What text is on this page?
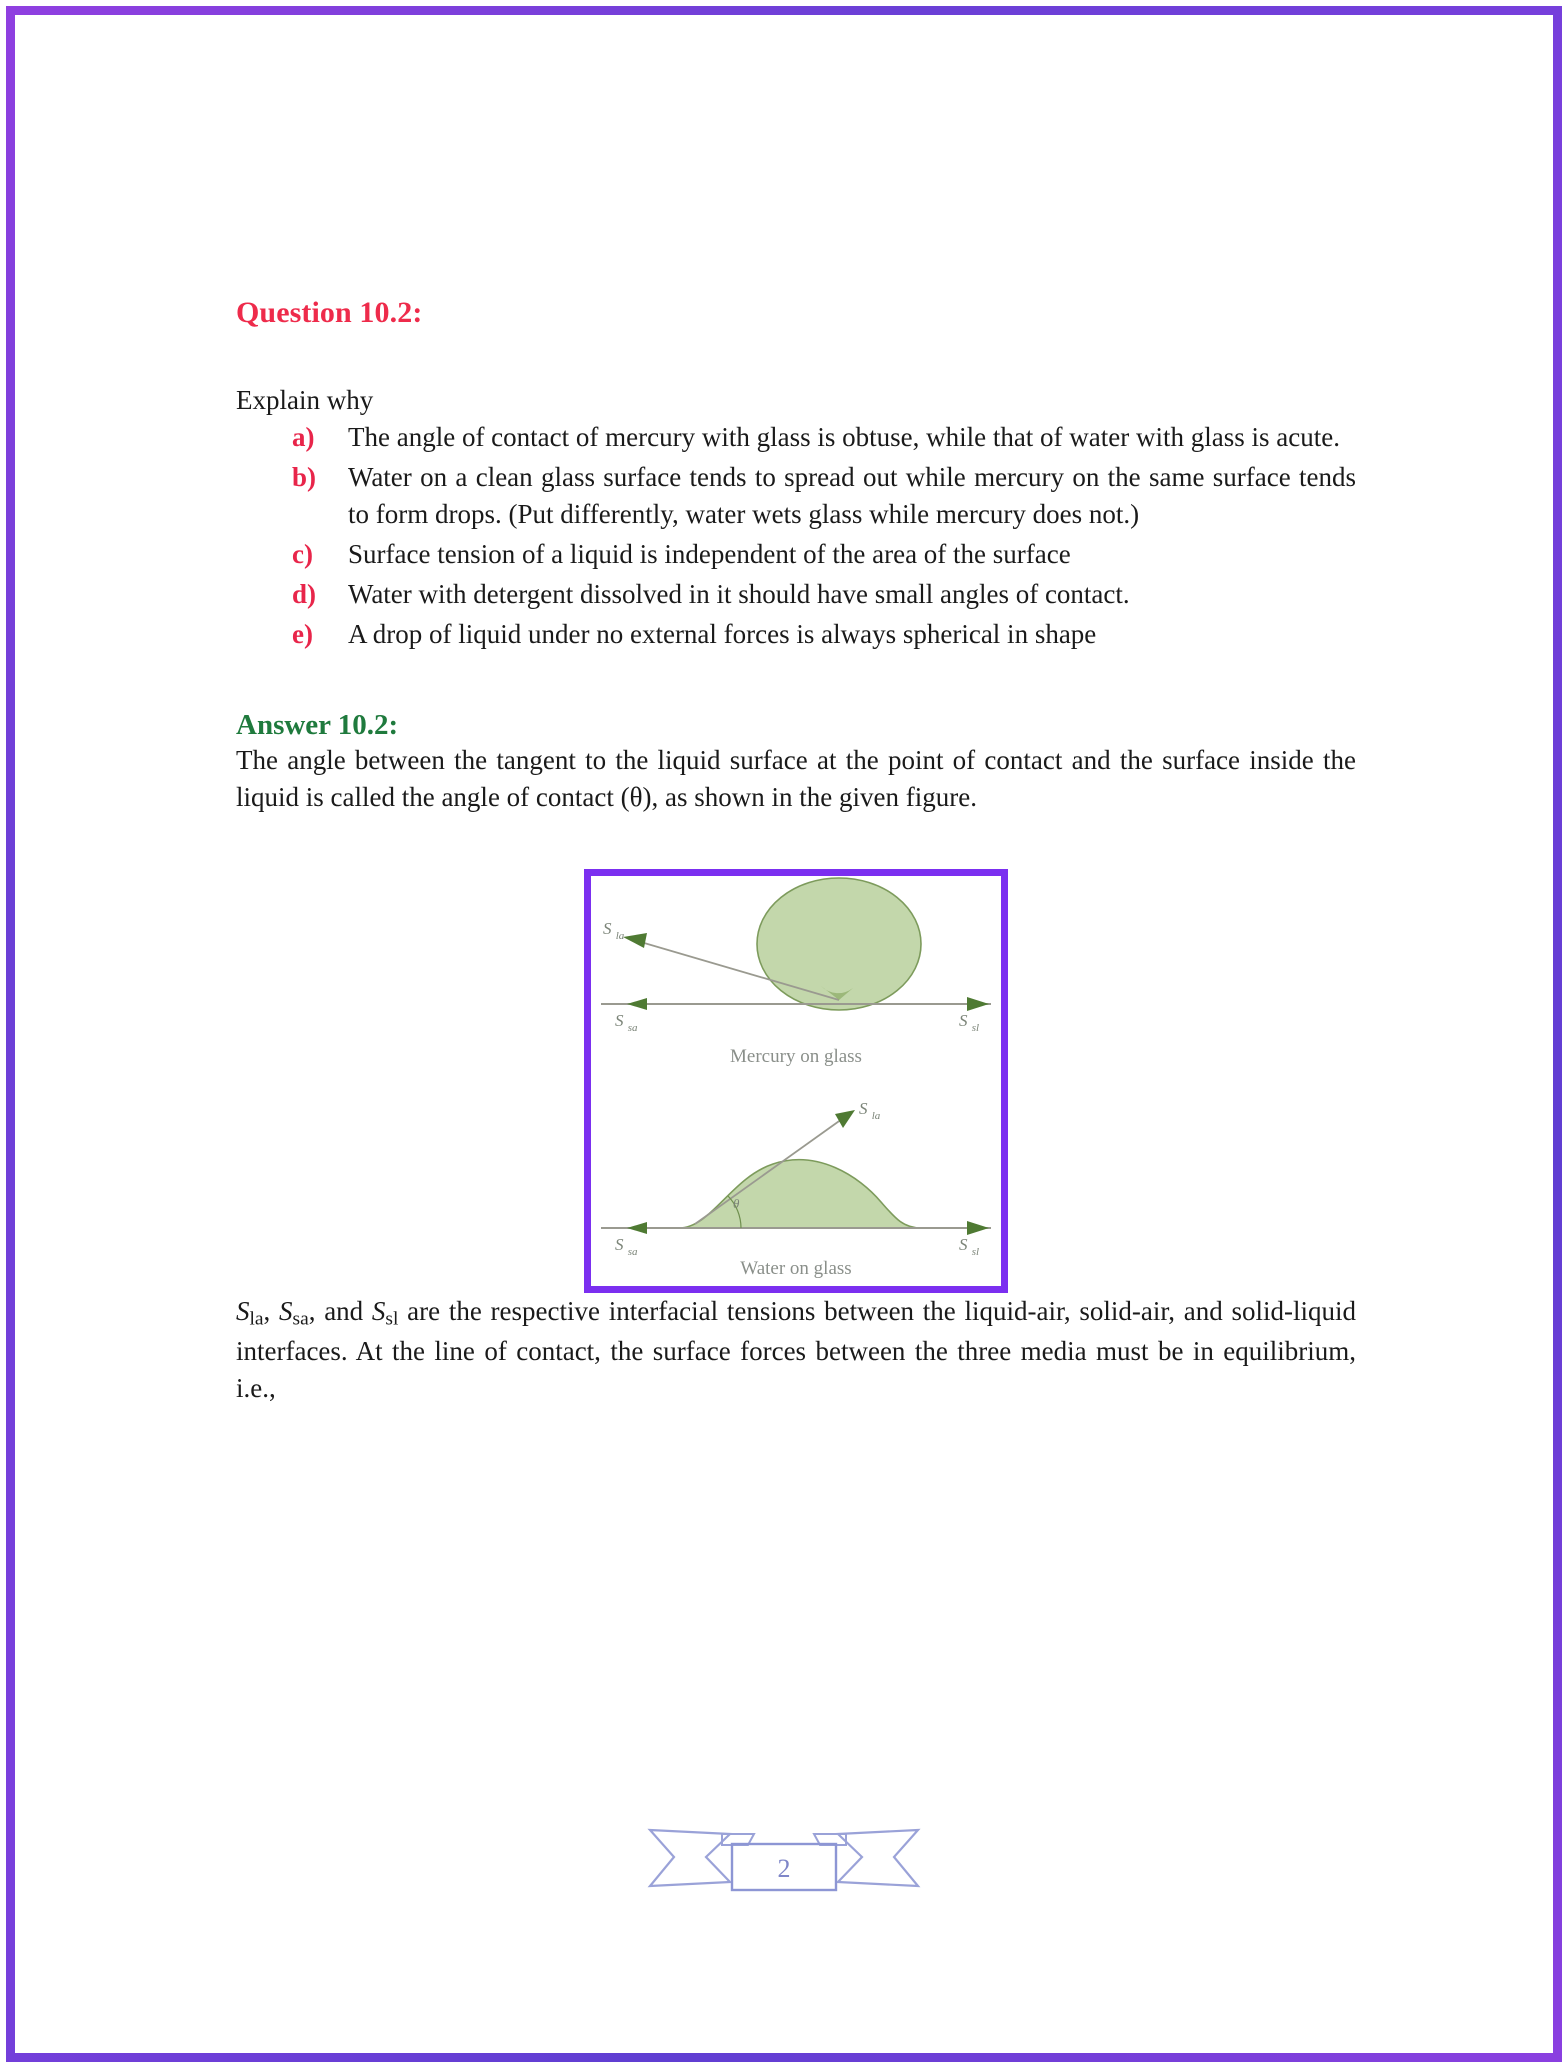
Question 10.2:

Explain why

a) The angle of contact of mercury with glass is obtuse, while that of water with glass is acute.
b) Water on a clean glass surface tends to spread out while mercury on the same surface tends to form drops. (Put differently, water wets glass while mercury does not.)
c) Surface tension of a liquid is independent of the area of the surface
d) Water with detergent dissolved in it should have small angles of contact.
e) A drop of liquid under no external forces is always spherical in shape
Answer 10.2:

The angle between the tangent to the liquid surface at the point of contact and the surface inside the liquid is called the angle of contact (θ), as shown in the given figure.

S $_{la}$
S $_{sa}$	S $_{sl}$
Mercury on glass
S $_{la}$
S $_{sa}$	S $_{sl}$
θ
Water on glass

$S_{la}$, $S_{sa}$, and $S_{sl}$ are the respective interfacial tensions between the liquid-air, solid-air, and solid-liquid interfaces. At the line of contact, the surface forces between the three media must be in equilibrium, i.e.,

2
